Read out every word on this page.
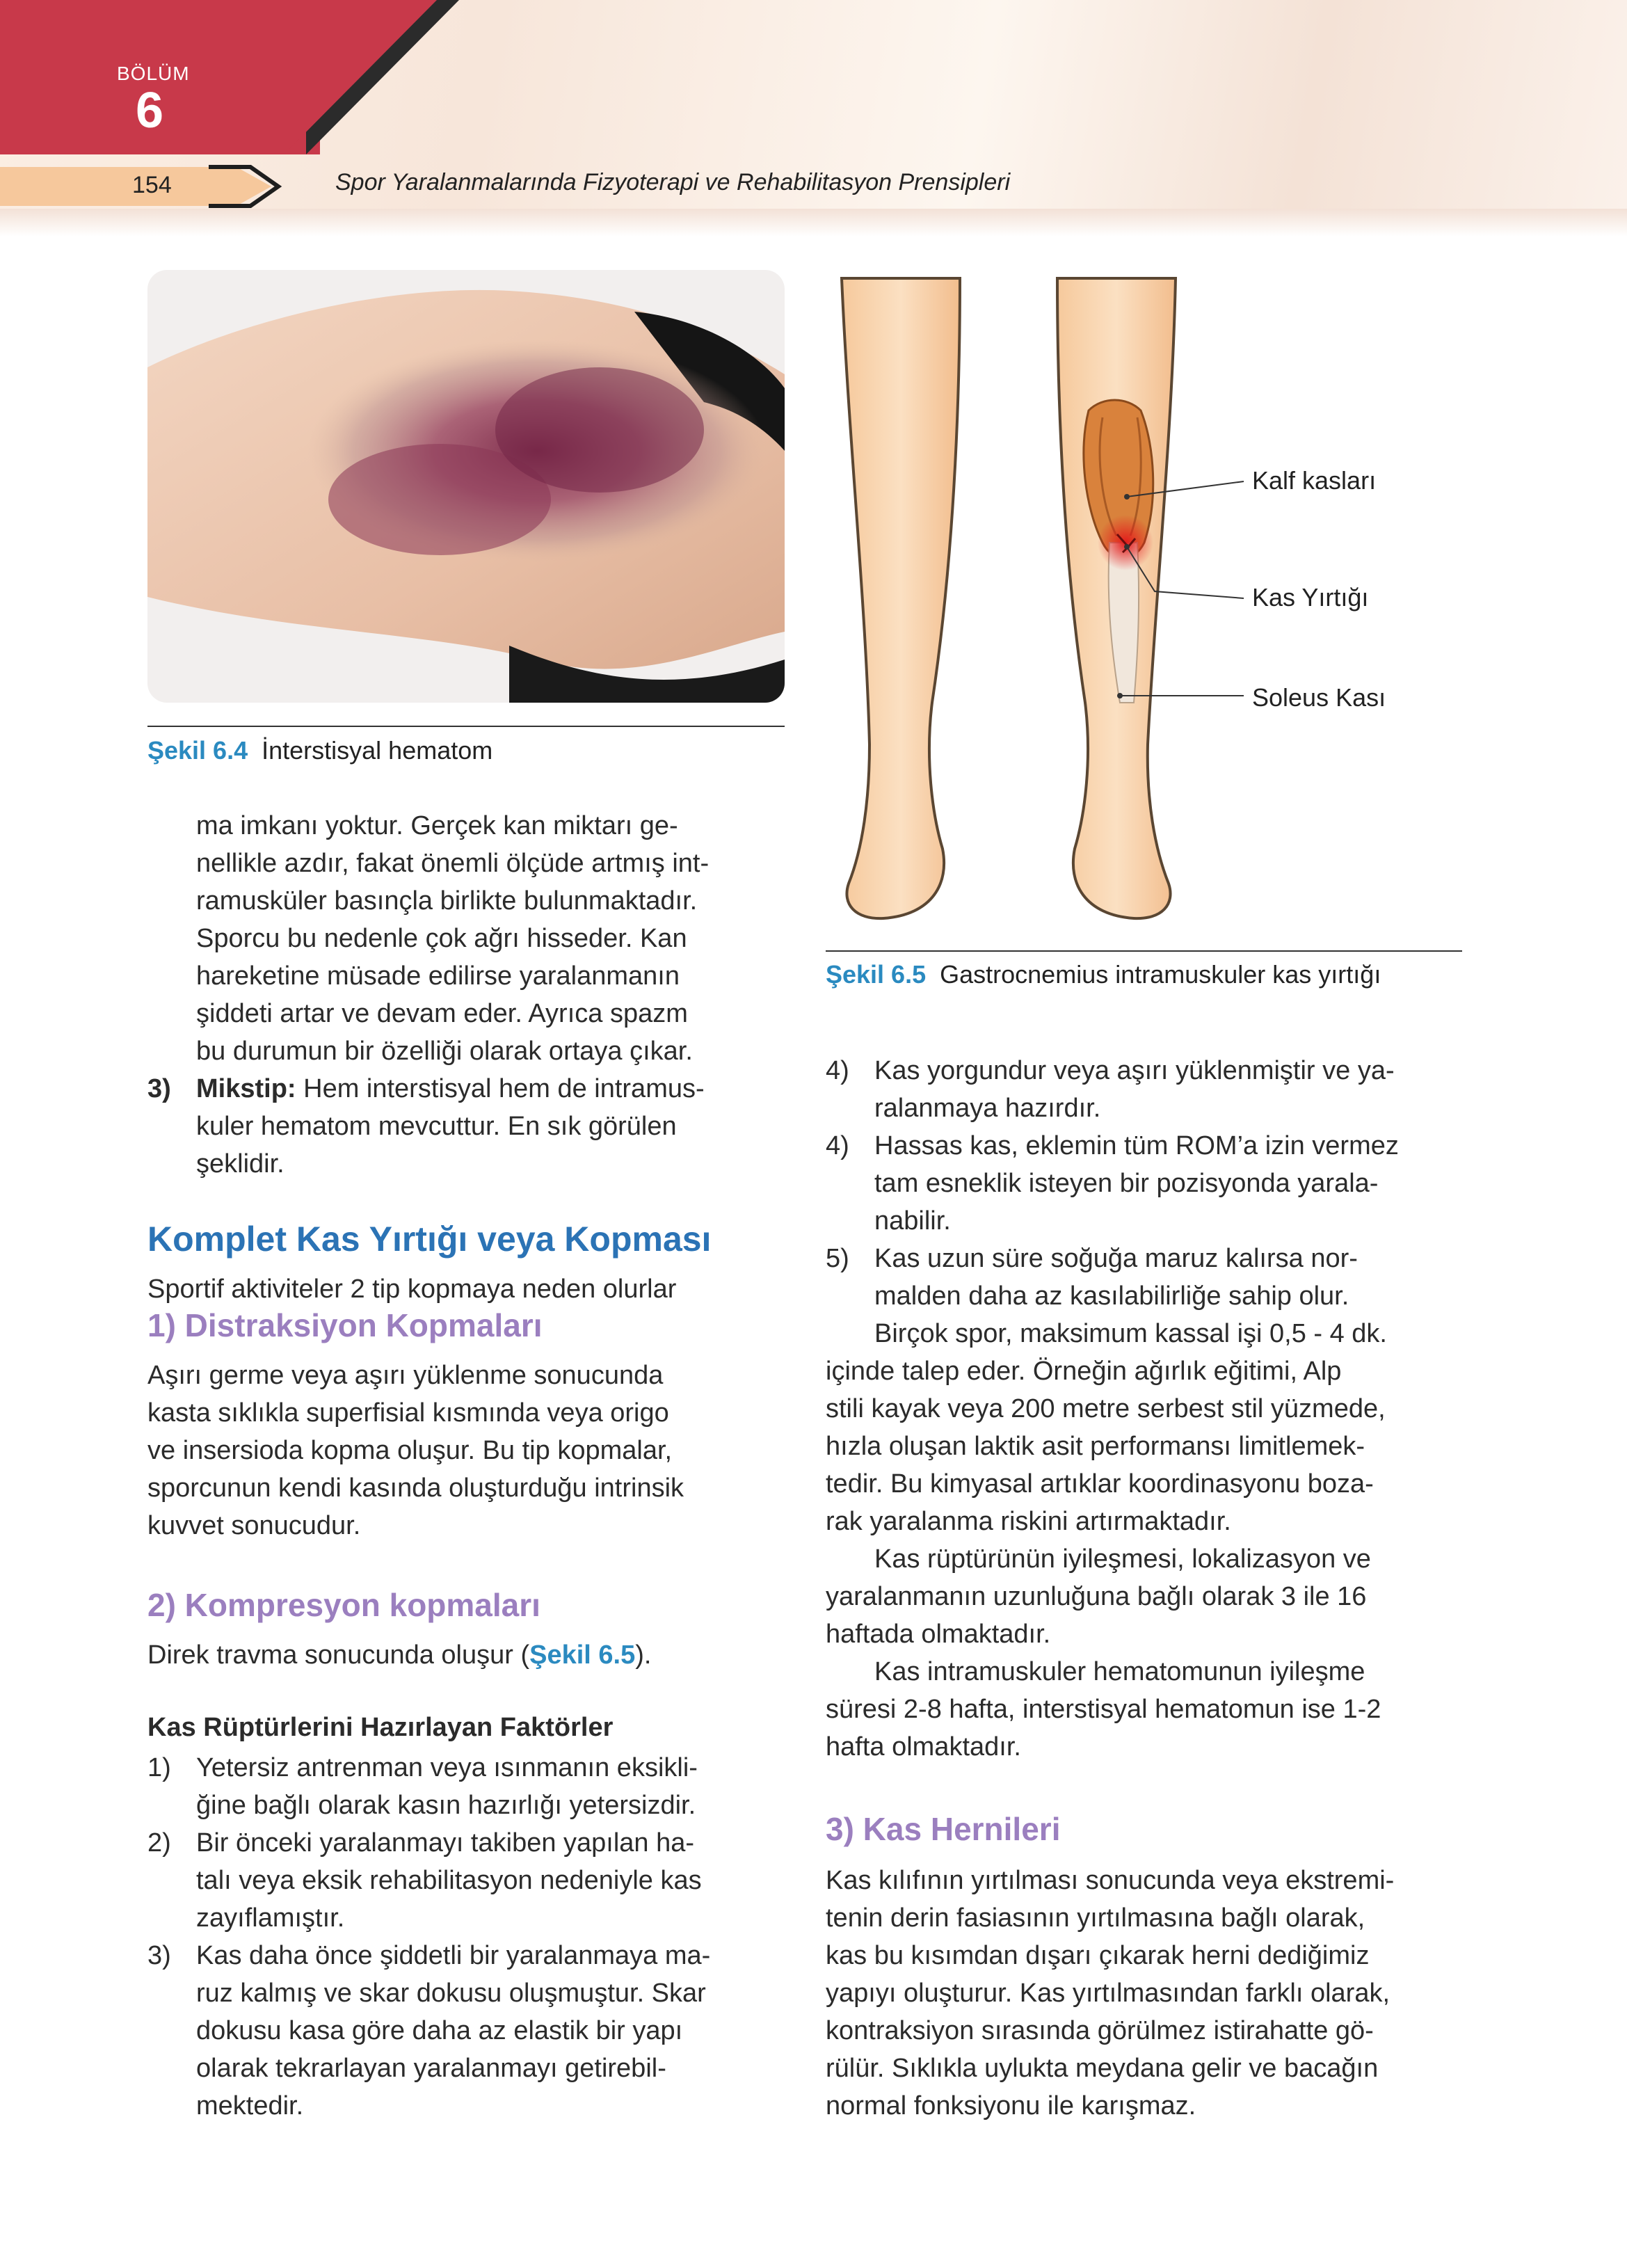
BÖLÜM
6
154	Spor Yaralanmalarında Fizyoterapi ve Rehabilitasyon Prensipleri
Şekil 6.4 İnterstisyal hematom
Kalf kasları
Kas Yırtığı
Soleus Kası
Şekil 6.5 Gastrocnemius intramuskuler kas yırtığı
ma imkanı yoktur. Gerçek kan miktarı ge-
nellikle azdır, fakat önemli ölçüde artmış int-
ramusküler basınçla birlikte bulunmaktadır.
Sporcu bu nedenle çok ağrı hisseder. Kan
hareketine müsade edilirse yaralanmanın
şiddeti artar ve devam eder. Ayrıca spazm
bu durumun bir özelliği olarak ortaya çıkar.
3) Mikstip: Hem interstisyal hem de intramus-
kuler hematom mevcuttur. En sık görülen
şeklidir.
Komplet Kas Yırtığı veya Kopması
Sportif aktiviteler 2 tip kopmaya neden olurlar
1) Distraksiyon Kopmaları
Aşırı germe veya aşırı yüklenme sonucunda
kasta sıklıkla superfisial kısmında veya origo
ve insersioda kopma oluşur. Bu tip kopmalar,
sporcunun kendi kasında oluşturduğu intrinsik
kuvvet sonucudur.
2) Kompresyon kopmaları
Direk travma sonucunda oluşur (Şekil 6.5).
Kas Rüptürlerini Hazırlayan Faktörler
1) Yetersiz antrenman veya ısınmanın eksikli-
ğine bağlı olarak kasın hazırlığı yetersizdir.
2) Bir önceki yaralanmayı takiben yapılan ha-
talı veya eksik rehabilitasyon nedeniyle kas
zayıflamıştır.
3) Kas daha önce şiddetli bir yaralanmaya ma-
ruz kalmış ve skar dokusu oluşmuştur. Skar
dokusu kasa göre daha az elastik bir yapı
olarak tekrarlayan yaralanmayı getirebil-
mektedir.
4) Kas yorgundur veya aşırı yüklenmiştir ve ya-
ralanmaya hazırdır.
4) Hassas kas, eklemin tüm ROM’a izin vermez
tam esneklik isteyen bir pozisyonda yarala-
nabilir.
5) Kas uzun süre soğuğa maruz kalırsa nor-
malden daha az kasılabilirliğe sahip olur.
Birçok spor, maksimum kassal işi 0,5 - 4 dk.
içinde talep eder. Örneğin ağırlık eğitimi, Alp
stili kayak veya 200 metre serbest stil yüzmede,
hızla oluşan laktik asit performansı limitlemek-
tedir. Bu kimyasal artıklar koordinasyonu boza-
rak yaralanma riskini artırmaktadır.
Kas rüptürünün iyileşmesi, lokalizasyon ve
yaralanmanın uzunluğuna bağlı olarak 3 ile 16
haftada olmaktadır.
Kas intramuskuler hematomunun iyileşme
süresi 2-8 hafta, interstisyal hematomun ise 1-2
hafta olmaktadır.
3) Kas Hernileri
Kas kılıfının yırtılması sonucunda veya ekstremi-
tenin derin fasiasının yırtılmasına bağlı olarak,
kas bu kısımdan dışarı çıkarak herni dediğimiz
yapıyı oluşturur. Kas yırtılmasından farklı olarak,
kontraksiyon sırasında görülmez istirahatte gö-
rülür. Sıklıkla uylukta meydana gelir ve bacağın
normal fonksiyonu ile karışmaz.
